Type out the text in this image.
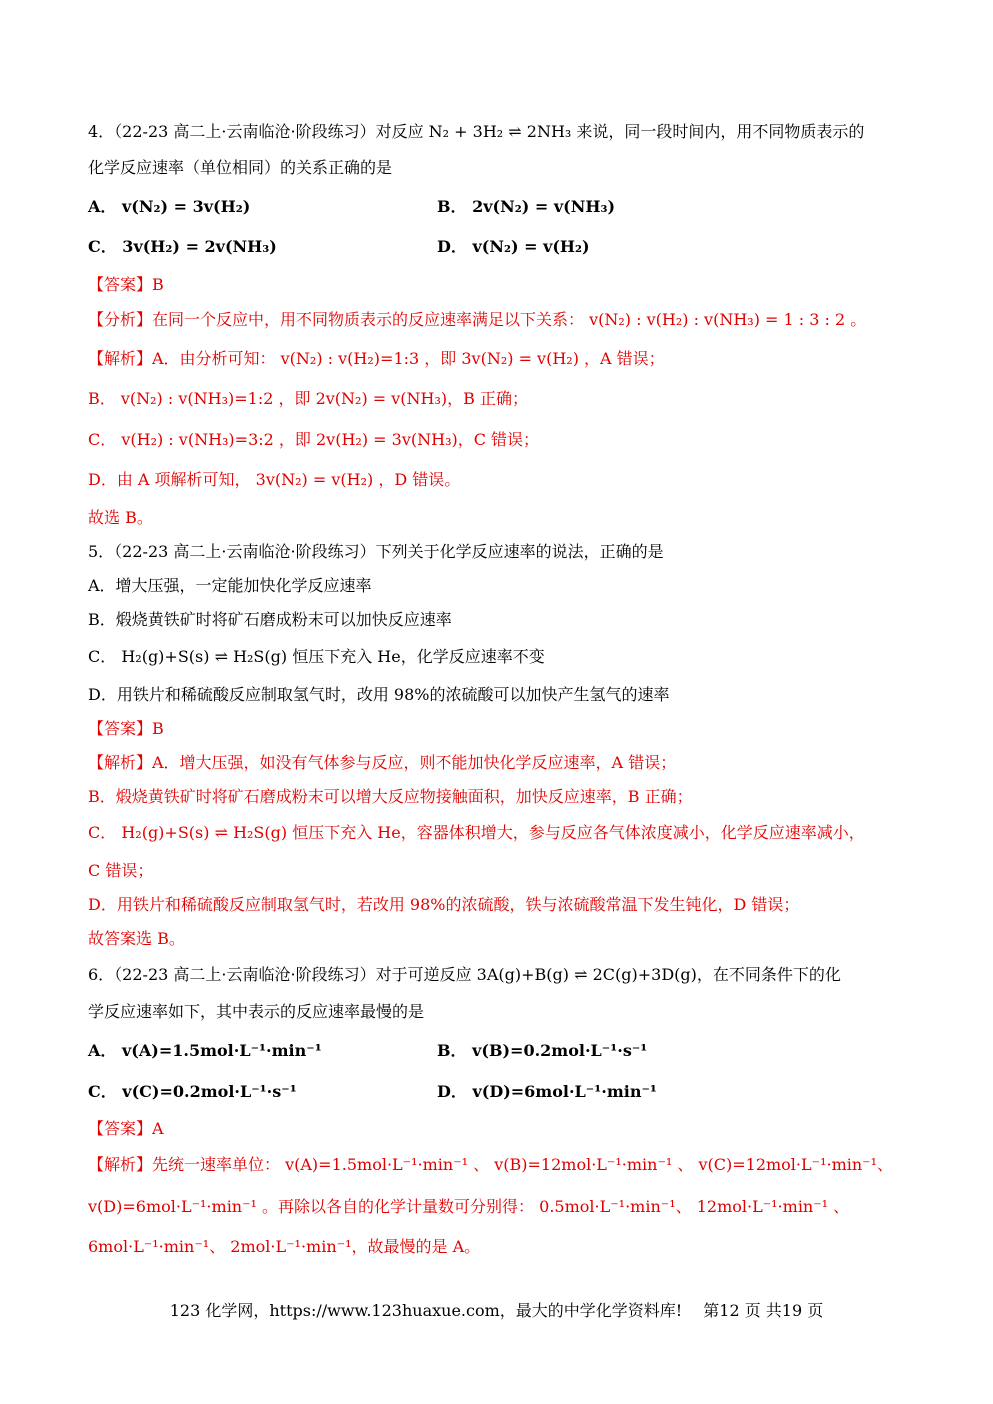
4．（22-23 高二上·云南临沧·阶段练习）对反应 N₂ + 3H₂ ⇌ 2NH₃ 来说，同一段时间内，用不同物质表示的
化学反应速率（单位相同）的关系正确的是
A． v(N₂) = 3v(H₂)	B． 2v(N₂) = v(NH₃)
C． 3v(H₂) = 2v(NH₃)	D． v(N₂) = v(H₂)
【答案】B
【分析】在同一个反应中，用不同物质表示的反应速率满足以下关系： v(N₂) : v(H₂) : v(NH₃) = 1 : 3 : 2 。
【解析】A．由分析可知： v(N₂) : v(H₂)=1:3 ，即 3v(N₂) = v(H₂) ，A 错误；
B． v(N₂) : v(NH₃)=1:2 ，即 2v(N₂) = v(NH₃)，B 正确；
C． v(H₂) : v(NH₃)=3:2 ，即 2v(H₂) = 3v(NH₃)，C 错误；
D．由 A 项解析可知， 3v(N₂) = v(H₂) ，D 错误。
故选 B。
5．（22-23 高二上·云南临沧·阶段练习）下列关于化学反应速率的说法，正确的是
A．增大压强，一定能加快化学反应速率
B．煅烧黄铁矿时将矿石磨成粉末可以加快反应速率
C． H₂(g)+S(s) ⇌ H₂S(g) 恒压下充入 He，化学反应速率不变
D．用铁片和稀硫酸反应制取氢气时，改用 98%的浓硫酸可以加快产生氢气的速率
【答案】B
【解析】A．增大压强，如没有气体参与反应，则不能加快化学反应速率，A 错误；
B．煅烧黄铁矿时将矿石磨成粉末可以增大反应物接触面积，加快反应速率，B 正确；
C． H₂(g)+S(s) ⇌ H₂S(g) 恒压下充入 He，容器体积增大，参与反应各气体浓度减小，化学反应速率减小，
C 错误；
D．用铁片和稀硫酸反应制取氢气时，若改用 98%的浓硫酸，铁与浓硫酸常温下发生钝化，D 错误；
故答案选 B。
6．（22-23 高二上·云南临沧·阶段练习）对于可逆反应 3A(g)+B(g) ⇌ 2C(g)+3D(g)，在不同条件下的化
学反应速率如下，其中表示的反应速率最慢的是
A． v(A)=1.5mol·L⁻¹·min⁻¹	B． v(B)=0.2mol·L⁻¹·s⁻¹
C． v(C)=0.2mol·L⁻¹·s⁻¹	D． v(D)=6mol·L⁻¹·min⁻¹
【答案】A
【解析】先统一速率单位： v(A)=1.5mol·L⁻¹·min⁻¹ 、 v(B)=12mol·L⁻¹·min⁻¹ 、 v(C)=12mol·L⁻¹·min⁻¹、
v(D)=6mol·L⁻¹·min⁻¹ 。再除以各自的化学计量数可分别得： 0.5mol·L⁻¹·min⁻¹、 12mol·L⁻¹·min⁻¹ 、
6mol·L⁻¹·min⁻¹、 2mol·L⁻¹·min⁻¹，故最慢的是 A。
123 化学网，https://www.123huaxue.com，最大的中学化学资料库!　 第12 页 共19 页
